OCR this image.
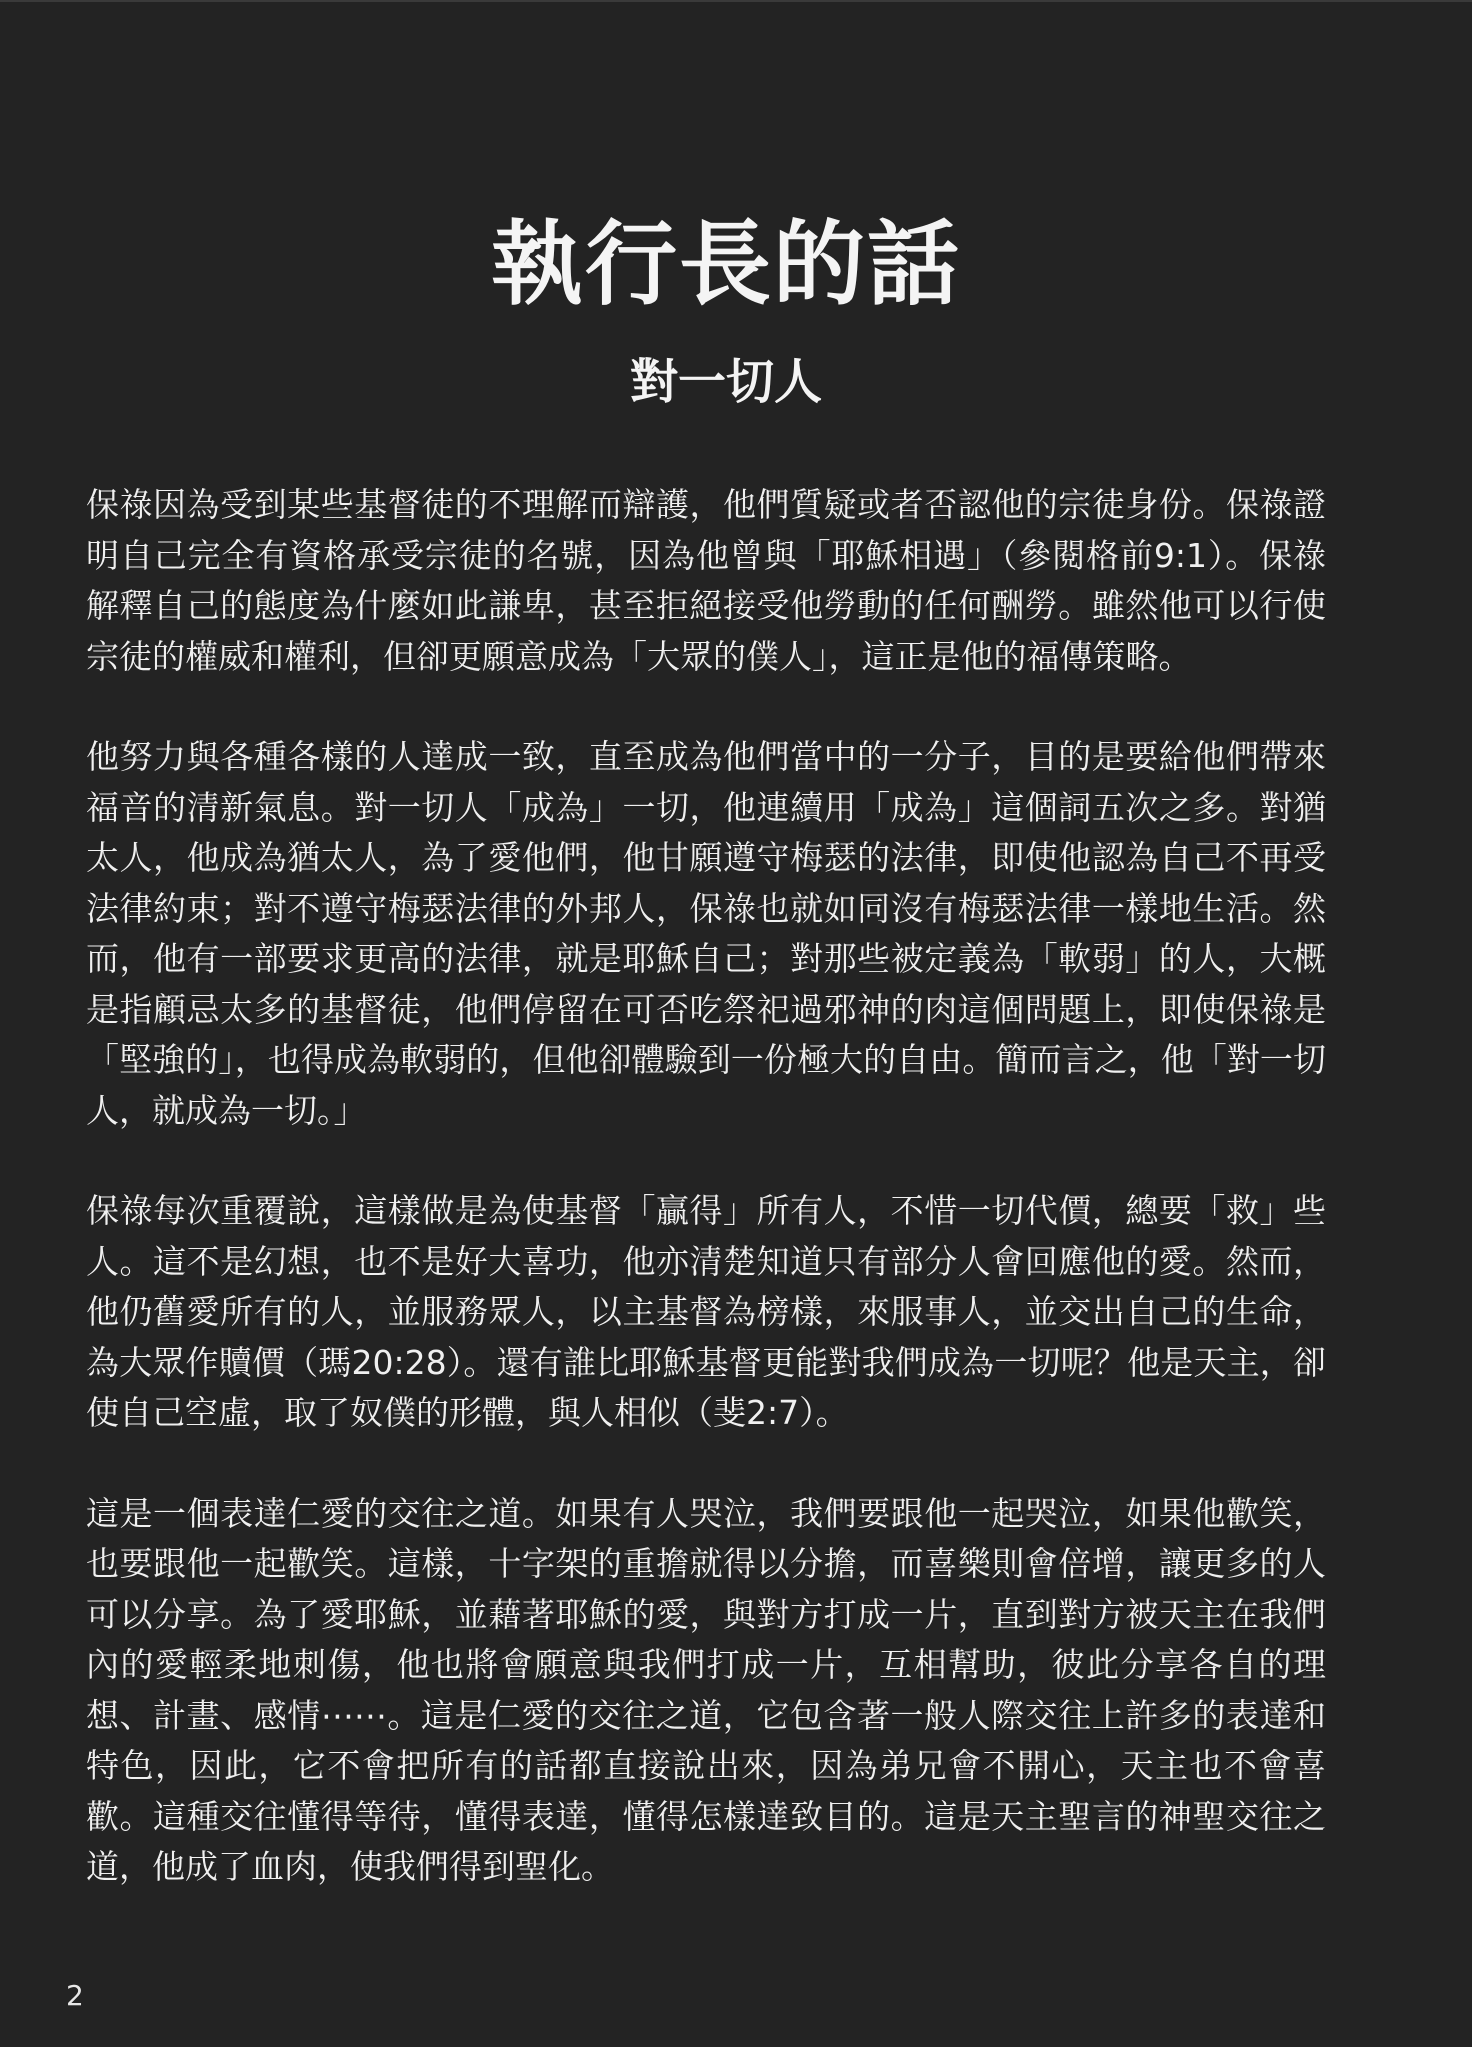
執行長的話
對一切人

保祿因為受到某些基督徒的不理解而辯護，他們質疑或者否認他的宗徒身份。保祿證明自己完全有資格承受宗徒的名號，因為他曾與「耶穌相遇」（參閱格前9:1）。保祿解釋自己的態度為什麼如此謙卑，甚至拒絕接受他勞動的任何酬勞。雖然他可以行使宗徒的權威和權利，但卻更願意成為「大眾的僕人」，這正是他的福傳策略。

他努力與各種各樣的人達成一致，直至成為他們當中的一分子，目的是要給他們帶來福音的清新氣息。對一切人「成為」一切，他連續用「成為」這個詞五次之多。對猶太人，他成為猶太人，為了愛他們，他甘願遵守梅瑟的法律，即使他認為自己不再受法律約束；對不遵守梅瑟法律的外邦人，保祿也就如同沒有梅瑟法律一樣地生活。然而，他有一部要求更高的法律，就是耶穌自己；對那些被定義為「軟弱」的人，大概是指顧忌太多的基督徒，他們停留在可否吃祭祀過邪神的肉這個問題上，即使保祿是「堅強的」，也得成為軟弱的，但他卻體驗到一份極大的自由。簡而言之，他「對一切人，就成為一切。」

保祿每次重覆說，這樣做是為使基督「贏得」所有人，不惜一切代價，總要「救」些人。這不是幻想，也不是好大喜功，他亦清楚知道只有部分人會回應他的愛。然而，他仍舊愛所有的人，並服務眾人，以主基督為榜樣，來服事人，並交出自己的生命，為大眾作贖價（瑪20:28）。還有誰比耶穌基督更能對我們成為一切呢？他是天主，卻使自己空虛，取了奴僕的形體，與人相似（斐2:7）。

這是一個表達仁愛的交往之道。如果有人哭泣，我們要跟他一起哭泣，如果他歡笑，也要跟他一起歡笑。這樣，十字架的重擔就得以分擔，而喜樂則會倍增，讓更多的人可以分享。為了愛耶穌，並藉著耶穌的愛，與對方打成一片，直到對方被天主在我們內的愛輕柔地刺傷，他也將會願意與我們打成一片，互相幫助，彼此分享各自的理想、計畫、感情⋯⋯。這是仁愛的交往之道，它包含著一般人際交往上許多的表達和特色，因此，它不會把所有的話都直接說出來，因為弟兄會不開心，天主也不會喜歡。這種交往懂得等待，懂得表達，懂得怎樣達致目的。這是天主聖言的神聖交往之道，他成了血肉，使我們得到聖化。

2
